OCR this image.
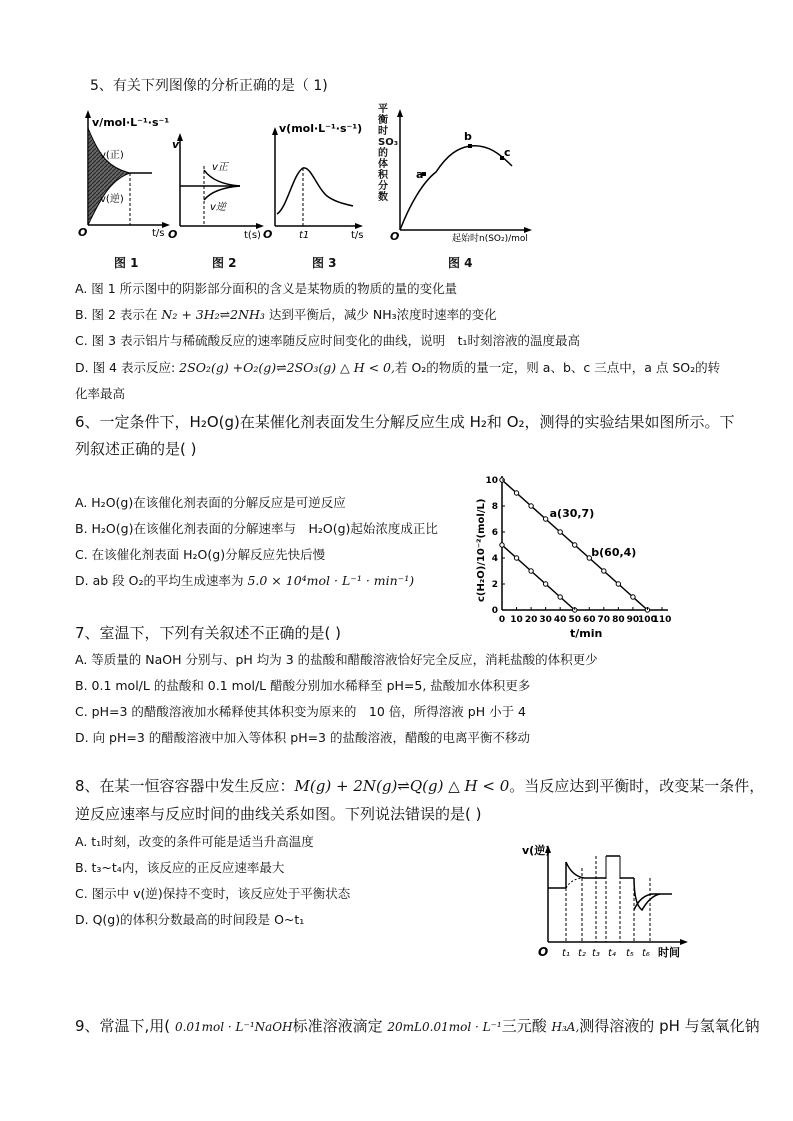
5、有关下列图像的分析正确的是（ 1)
v/mol·L⁻¹·s⁻¹
v(正)
v(逆)
O	t/s
图 1
v
v正
v逆
O	t(s)
图 2
v(mol·L⁻¹·s⁻¹)
O	t1	t/s
图 3
平衡时SO₃的体积分数
a
b
c
O	起始时n(SO₂)/mol
图 4
A. 图 1 所示图中的阴影部分面积的含义是某物质的物质的量的变化量
B. 图 2 表示在 N₂ + 3H₂⇌2NH₃ 达到平衡后，减少 NH₃浓度时速率的变化
C. 图 3 表示铝片与稀硫酸反应的速率随反应时间变化的曲线，说明　t₁时刻溶液的温度最高
D. 图 4 表示反应: 2SO₂(g) +O₂(g)⇌2SO₃(g) △ H < 0,若 O₂的物质的量一定，则 a、b、c 三点中，a 点 SO₂的转
化率最高
6、一定条件下，H₂O(g)在某催化剂表面发生分解反应生成 H₂和 O₂，测得的实验结果如图所示。下
列叙述正确的是( )
A. H₂O(g)在该催化剂表面的分解反应是可逆反应
B. H₂O(g)在该催化剂表面的分解速率与　H₂O(g)起始浓度成正比
C. 在该催化剂表面 H₂O(g)分解反应先快后慢
D. ab 段 O₂的平均生成速率为 5.0 × 10⁴mol · L⁻¹ · min⁻¹)
0 10 20 30 40 50 60 70 80 90
100
110
0
2
4
6
8
10
a(30,7)
b(60,4)
t/min
c(H₂O)/10⁻²(mol/L)
7、室温下，下列有关叙述不正确的是( )
A. 等质量的 NaOH 分别与、pH 均为 3 的盐酸和醋酸溶液恰好完全反应，消耗盐酸的体积更少
B. 0.1 mol/L 的盐酸和 0.1 mol/L 醋酸分别加水稀释至 pH=5, 盐酸加水体积更多
C. pH=3 的醋酸溶液加水稀释使其体积变为原来的　10 倍，所得溶液 pH 小于 4
D. 向 pH=3 的醋酸溶液中加入等体积 pH=3 的盐酸溶液，醋酸的电离平衡不移动
8、在某一恒容容器中发生反应：M(g) + 2N(g)⇌Q(g) △ H < 0。当反应达到平衡时，改变某一条件，
逆反应速率与反应时间的曲线关系如图。下列说法错误的是( )
A. t₁时刻，改变的条件可能是适当升高温度
B. t₃~t₄内，该反应的正反应速率最大
C. 图示中 v(逆)保持不变时，该反应处于平衡状态
D. Q(g)的体积分数最高的时间段是 O~t₁
v(逆)
O t₁ t₂ t₃ t₄ t₅ t₆ 时间
9、常温下,用( 0.01mol · L⁻¹NaOH标准溶液滴定 20mL0.01mol · L⁻¹三元酸 H₃A,测得溶液的 pH 与氢氧化钠
